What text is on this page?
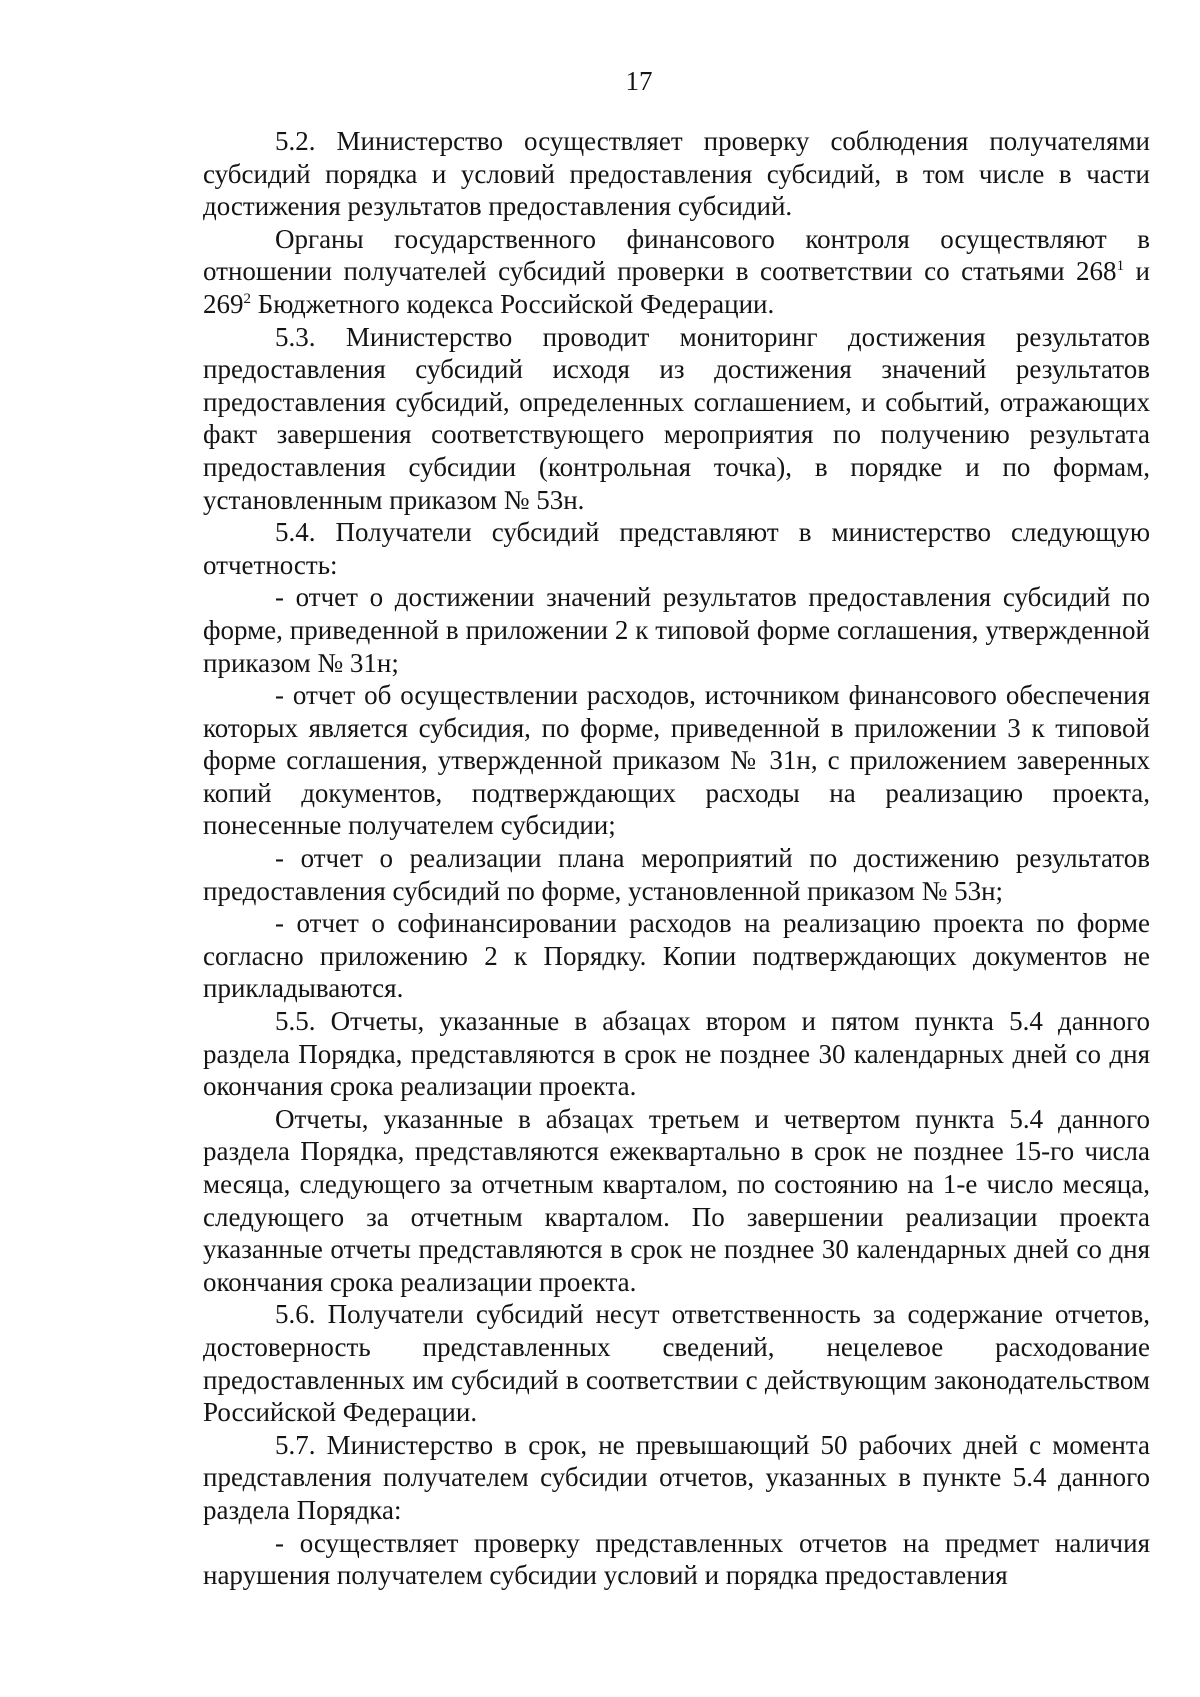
17

5.2. Министерство осуществляет проверку соблюдения получателями субсидий порядка и условий предоставления субсидий, в том числе в части достижения результатов предоставления субсидий.

Органы государственного финансового контроля осуществляют в отношении получателей субсидий проверки в соответствии со статьями $268^1$ и $269^2$ Бюджетного кодекса Российской Федерации.

5.3. Министерство проводит мониторинг достижения результатов предоставления субсидий исходя из достижения значений результатов предоставления субсидий, определенных соглашением, и событий, отражающих факт завершения соответствующего мероприятия по получению результата предоставления субсидии (контрольная точка), в порядке и по формам, установленным приказом № 53н.

5.4. Получатели субсидий представляют в министерство следующую отчетность:

- отчет о достижении значений результатов предоставления субсидий по форме, приведенной в приложении 2 к типовой форме соглашения, утвержденной приказом № 31н;

- отчет об осуществлении расходов, источником финансового обеспечения которых является субсидия, по форме, приведенной в приложении 3 к типовой форме соглашения, утвержденной приказом № 31н, с приложением заверенных копий документов, подтверждающих расходы на реализацию проекта, понесенные получателем субсидии;

- отчет о реализации плана мероприятий по достижению результатов предоставления субсидий по форме, установленной приказом № 53н;

- отчет о софинансировании расходов на реализацию проекта по форме согласно приложению 2 к Порядку. Копии подтверждающих документов не прикладываются.

5.5. Отчеты, указанные в абзацах втором и пятом пункта 5.4 данного раздела Порядка, представляются в срок не позднее 30 календарных дней со дня окончания срока реализации проекта.

Отчеты, указанные в абзацах третьем и четвертом пункта 5.4 данного раздела Порядка, представляются ежеквартально в срок не позднее 15-го числа месяца, следующего за отчетным кварталом, по состоянию на 1-е число месяца, следующего за отчетным кварталом. По завершении реализации проекта указанные отчеты представляются в срок не позднее 30 календарных дней со дня окончания срока реализации проекта.

5.6. Получатели субсидий несут ответственность за содержание отчетов, достоверность представленных сведений, нецелевое расходование предоставленных им субсидий в соответствии с действующим законодательством Российской Федерации.

5.7. Министерство в срок, не превышающий 50 рабочих дней с момента представления получателем субсидии отчетов, указанных в пункте 5.4 данного раздела Порядка:

- осуществляет проверку представленных отчетов на предмет наличия нарушения получателем субсидии условий и порядка предоставления
